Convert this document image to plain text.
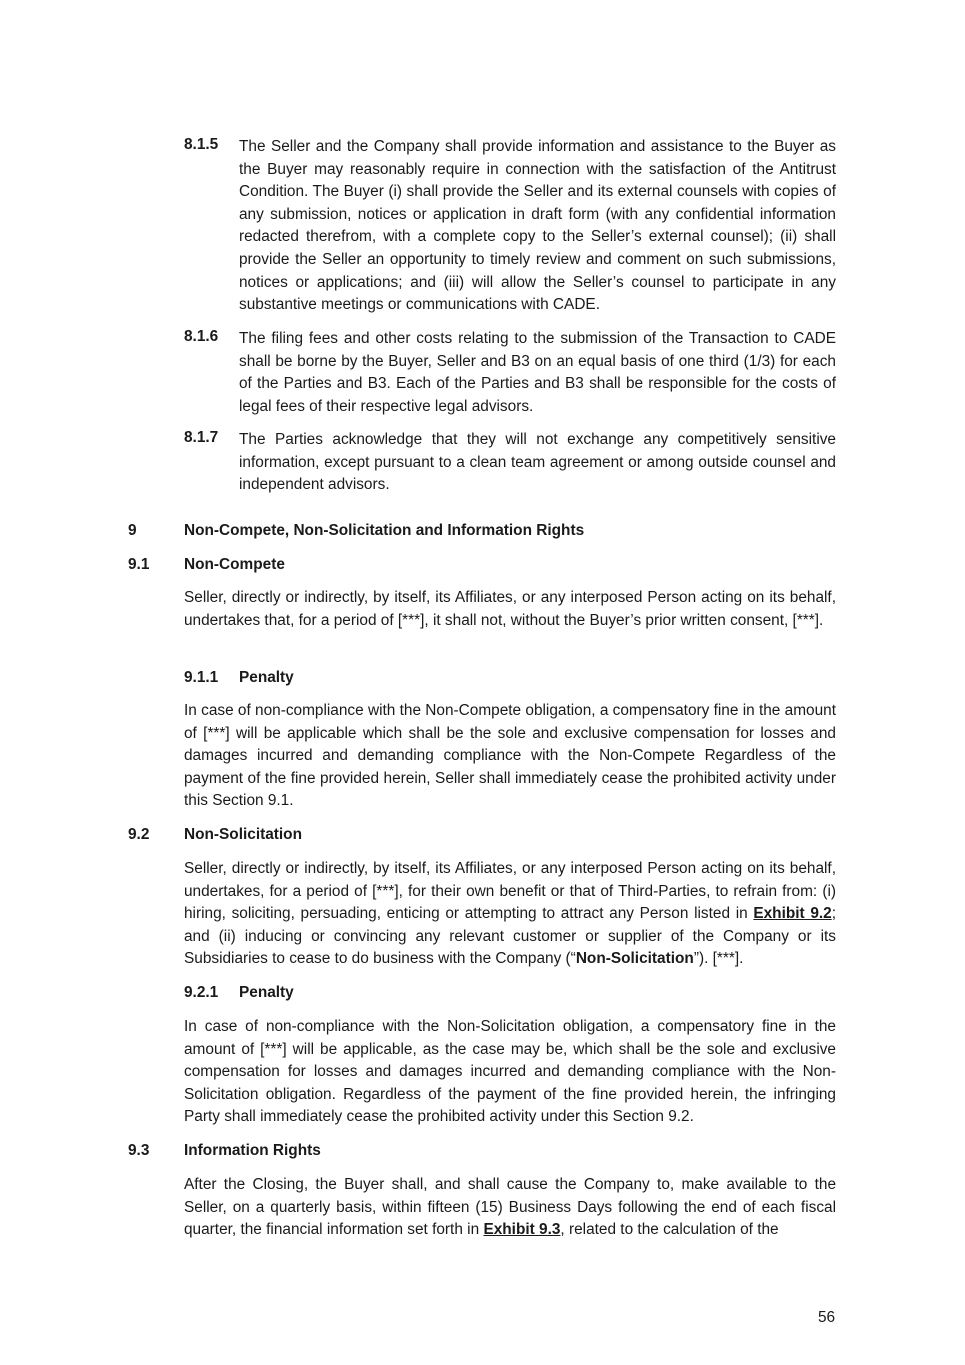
8.1.5	The Seller and the Company shall provide information and assistance to the Buyer as the Buyer may reasonably require in connection with the satisfaction of the Antitrust Condition. The Buyer (i) shall provide the Seller and its external counsels with copies of any submission, notices or application in draft form (with any confidential information redacted therefrom, with a complete copy to the Seller’s external counsel); (ii) shall provide the Seller an opportunity to timely review and comment on such submissions, notices or applications; and (iii) will allow the Seller’s counsel to participate in any substantive meetings or communications with CADE.
8.1.6	The filing fees and other costs relating to the submission of the Transaction to CADE shall be borne by the Buyer, Seller and B3 on an equal basis of one third (1/3) for each of the Parties and B3. Each of the Parties and B3 shall be responsible for the costs of legal fees of their respective legal advisors.
8.1.7	The Parties acknowledge that they will not exchange any competitively sensitive information, except pursuant to a clean team agreement or among outside counsel and independent advisors.
9	Non-Compete, Non-Solicitation and Information Rights
9.1 Non-Compete
Seller, directly or indirectly, by itself, its Affiliates, or any interposed Person acting on its behalf, undertakes that, for a period of [***], it shall not, without the Buyer’s prior written consent, [***].
9.1.1 Penalty
In case of non-compliance with the Non-Compete obligation, a compensatory fine in the amount of [***] will be applicable which shall be the sole and exclusive compensation for losses and damages incurred and demanding compliance with the Non-Compete Regardless of the payment of the fine provided herein, Seller shall immediately cease the prohibited activity under this Section 9.1.
9.2 Non-Solicitation
Seller, directly or indirectly, by itself, its Affiliates, or any interposed Person acting on its behalf, undertakes, for a period of [***], for their own benefit or that of Third-Parties, to refrain from: (i) hiring, soliciting, persuading, enticing or attempting to attract any Person listed in Exhibit 9.2; and (ii) inducing or convincing any relevant customer or supplier of the Company or its Subsidiaries to cease to do business with the Company (“Non-Solicitation”). [***].
9.2.1 Penalty
In case of non-compliance with the Non-Solicitation obligation, a compensatory fine in the amount of [***] will be applicable, as the case may be, which shall be the sole and exclusive compensation for losses and damages incurred and demanding compliance with the Non-Solicitation obligation. Regardless of the payment of the fine provided herein, the infringing Party shall immediately cease the prohibited activity under this Section 9.2.
9.3 Information Rights
After the Closing, the Buyer shall, and shall cause the Company to, make available to the Seller, on a quarterly basis, within fifteen (15) Business Days following the end of each fiscal quarter, the financial information set forth in Exhibit 9.3, related to the calculation of the
56
